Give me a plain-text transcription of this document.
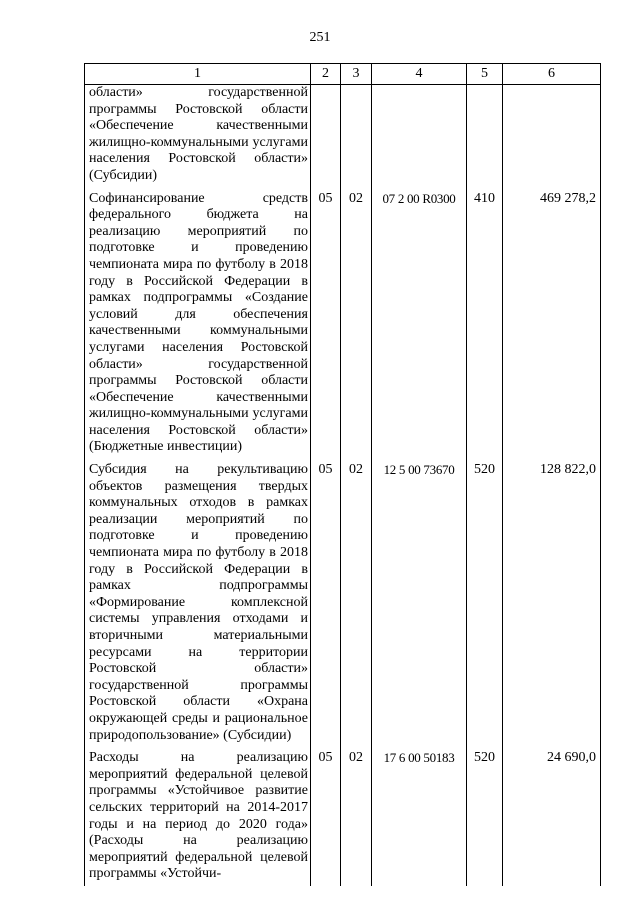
251
1	2	3	4	5	6
области» государственной программы Ростовской области «Обеспечение качественными жилищно-коммунальными услугами населения Ростовской области» (Субсидии)					
Софинансирование средств федерального бюджета на реализацию мероприятий по подготовке и проведению чемпионата мира по футболу в 2018 году в Российской Федерации в рамках подпрограммы «Создание условий для обеспечения качественными коммунальными услугами населения Ростовской области» государственной программы Ростовской области «Обеспечение качественными жилищно-коммунальными услугами населения Ростовской области» (Бюджетные инвестиции)	05	02	07 2 00 R0300	410	469 278,2
Субсидия на рекультивацию объектов размещения твердых коммунальных отходов в рамках реализации мероприятий по подготовке и проведению чемпионата мира по футболу в 2018 году в Российской Федерации в рамках подпрограммы «Формирование комплексной системы управления отходами и вторичными материальными ресурсами на территории Ростовской области» государственной программы Ростовской области «Охрана окружающей среды и рациональное природопользование» (Субсидии)	05	02	12 5 00 73670	520	128 822,0
Расходы на реализацию мероприятий федеральной целевой программы «Устойчивое развитие сельских территорий на 2014-2017 годы и на период до 2020 года» (Расходы на реализацию мероприятий федеральной целевой программы «Устойчи-	05	02	17 6 00 50183	520	24 690,0
